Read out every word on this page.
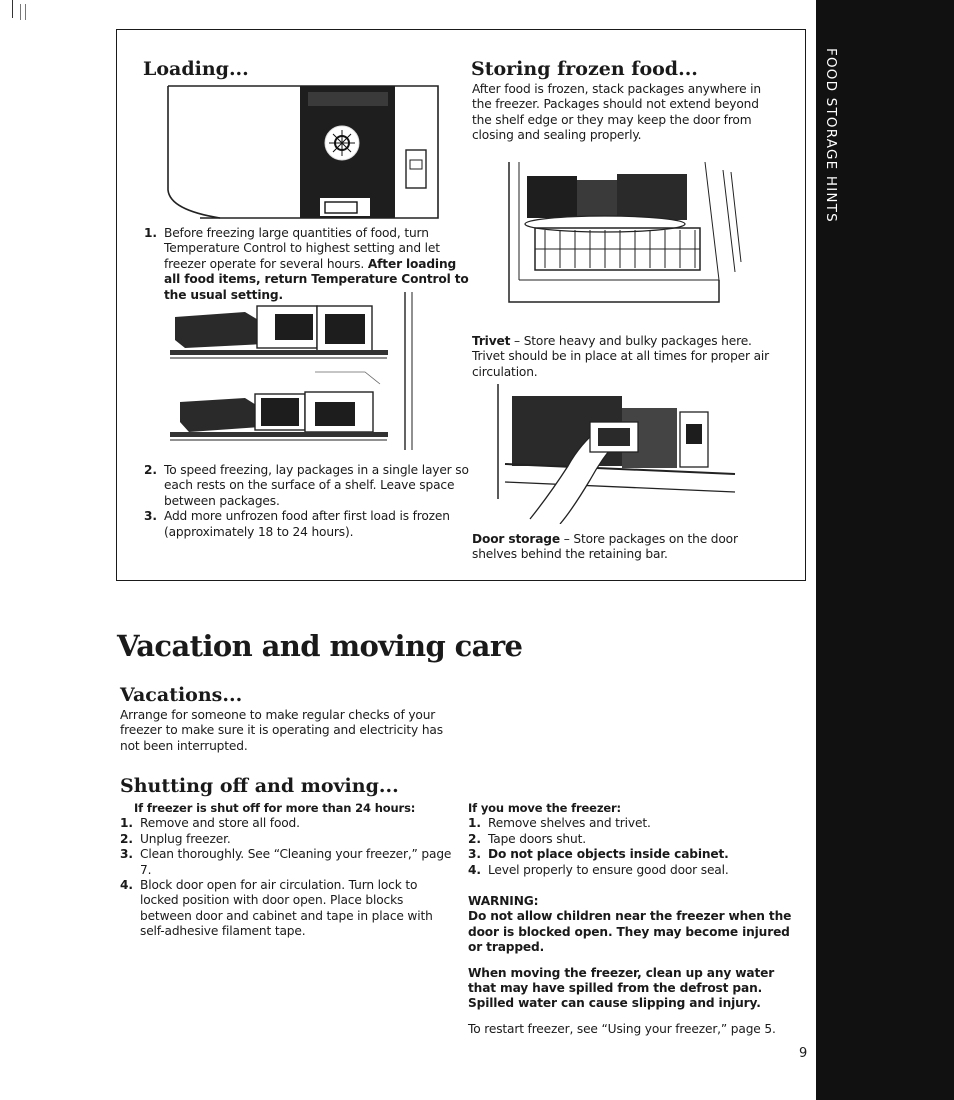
FOOD STORAGE HINTS
Loading...
1. Before freezing large quantities of food, turn Temperature Control to highest setting and let freezer operate for several hours. After loading all food items, return Temperature Control to the usual setting.
2. To speed freezing, lay packages in a single layer so each rests on the surface of a shelf. Leave space between packages.
3. Add more unfrozen food after first load is frozen (approximately 18 to 24 hours).
Storing frozen food...
After food is frozen, stack packages anywhere in the freezer. Packages should not extend beyond the shelf edge or they may keep the door from closing and sealing properly.
Trivet – Store heavy and bulky packages here. Trivet should be in place at all times for proper air circulation.
Door storage – Store packages on the door shelves behind the retaining bar.
Vacation and moving care
Vacations...
Arrange for someone to make regular checks of your freezer to make sure it is operating and electricity has not been interrupted.
Shutting off and moving...
If freezer is shut off for more than 24 hours:
1. Remove and store all food.
2. Unplug freezer.
3. Clean thoroughly. See “Cleaning your freezer,” page 7.
4. Block door open for air circulation. Turn lock to locked position with door open. Place blocks between door and cabinet and tape in place with self-adhesive filament tape.
If you move the freezer:
1. Remove shelves and trivet.
2. Tape doors shut.
3. Do not place objects inside cabinet.
4. Level properly to ensure good door seal.
WARNING:
Do not allow children near the freezer when the door is blocked open. They may become injured or trapped.
When moving the freezer, clean up any water that may have spilled from the defrost pan. Spilled water can cause slipping and injury.
To restart freezer, see “Using your freezer,” page 5.
9
